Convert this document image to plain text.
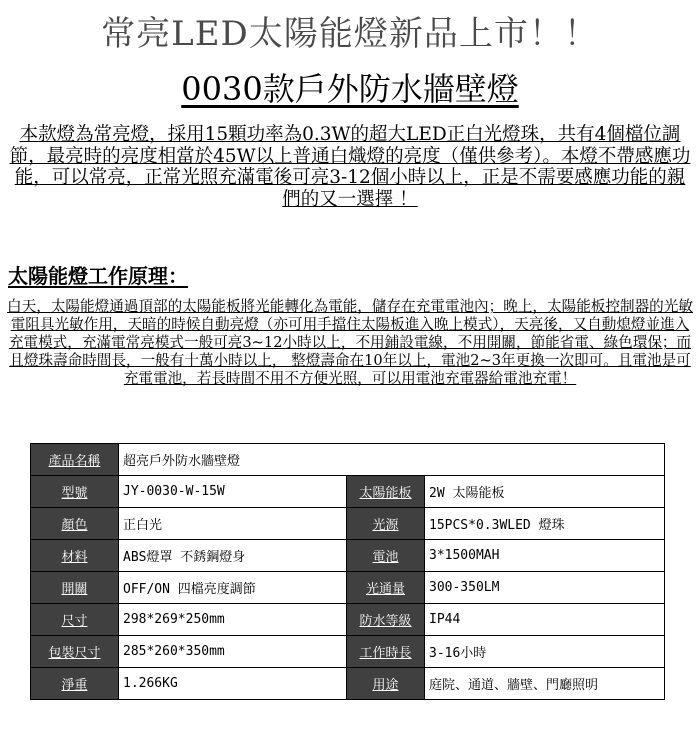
常亮LED太陽能燈新品上市！！
0030款戶外防水牆壁燈
本款燈為常亮燈，採用15顆功率為0.3W的超大LED正白光燈珠，共有4個檔位調節，最亮時的亮度相當於45W以上普通白熾燈的亮度（僅供參考）。本燈不帶感應功能，可以常亮，正常光照充滿電後可亮3-12個小時以上，正是不需要感應功能的親們的又一選擇 ！
太陽能燈工作原理：
白天，太陽能燈通過頂部的太陽能板將光能轉化為電能，儲存在充電電池內；晚上，太陽能板控制器的光敏電阻具光敏作用，天暗的時候自動亮燈（亦可用手擋住太陽板進入晚上模式），天亮後，又自動熄燈並進入充電模式，充滿電常亮模式一般可亮3~12小時以上，不用鋪設電線，不用開關，節能省電、綠色環保；而且燈珠壽命時間長，一般有十萬小時以上， 整燈壽命在10年以上，電池2~3年更換一次即可。且電池是可充電電池，若長時間不用不方便光照，可以用電池充電器給電池充電！
產品名稱	超亮戶外防水牆壁燈		
型號	JY-0030-W-15W	太陽能板	2W 太陽能板
顏色	正白光	光源	15PCS*0.3WLED 燈珠
材料	ABS燈罩 不銹鋼燈身	電池	3*1500MAH
開關	OFF/ON 四檔亮度調節	光通量	300-350LM
尺寸	298*269*250mm	防水等級	IP44
包裝尺寸	285*260*350mm	工作時長	3-16小時
淨重	1.266KG	用途	庭院、通道、牆壁、門廳照明
